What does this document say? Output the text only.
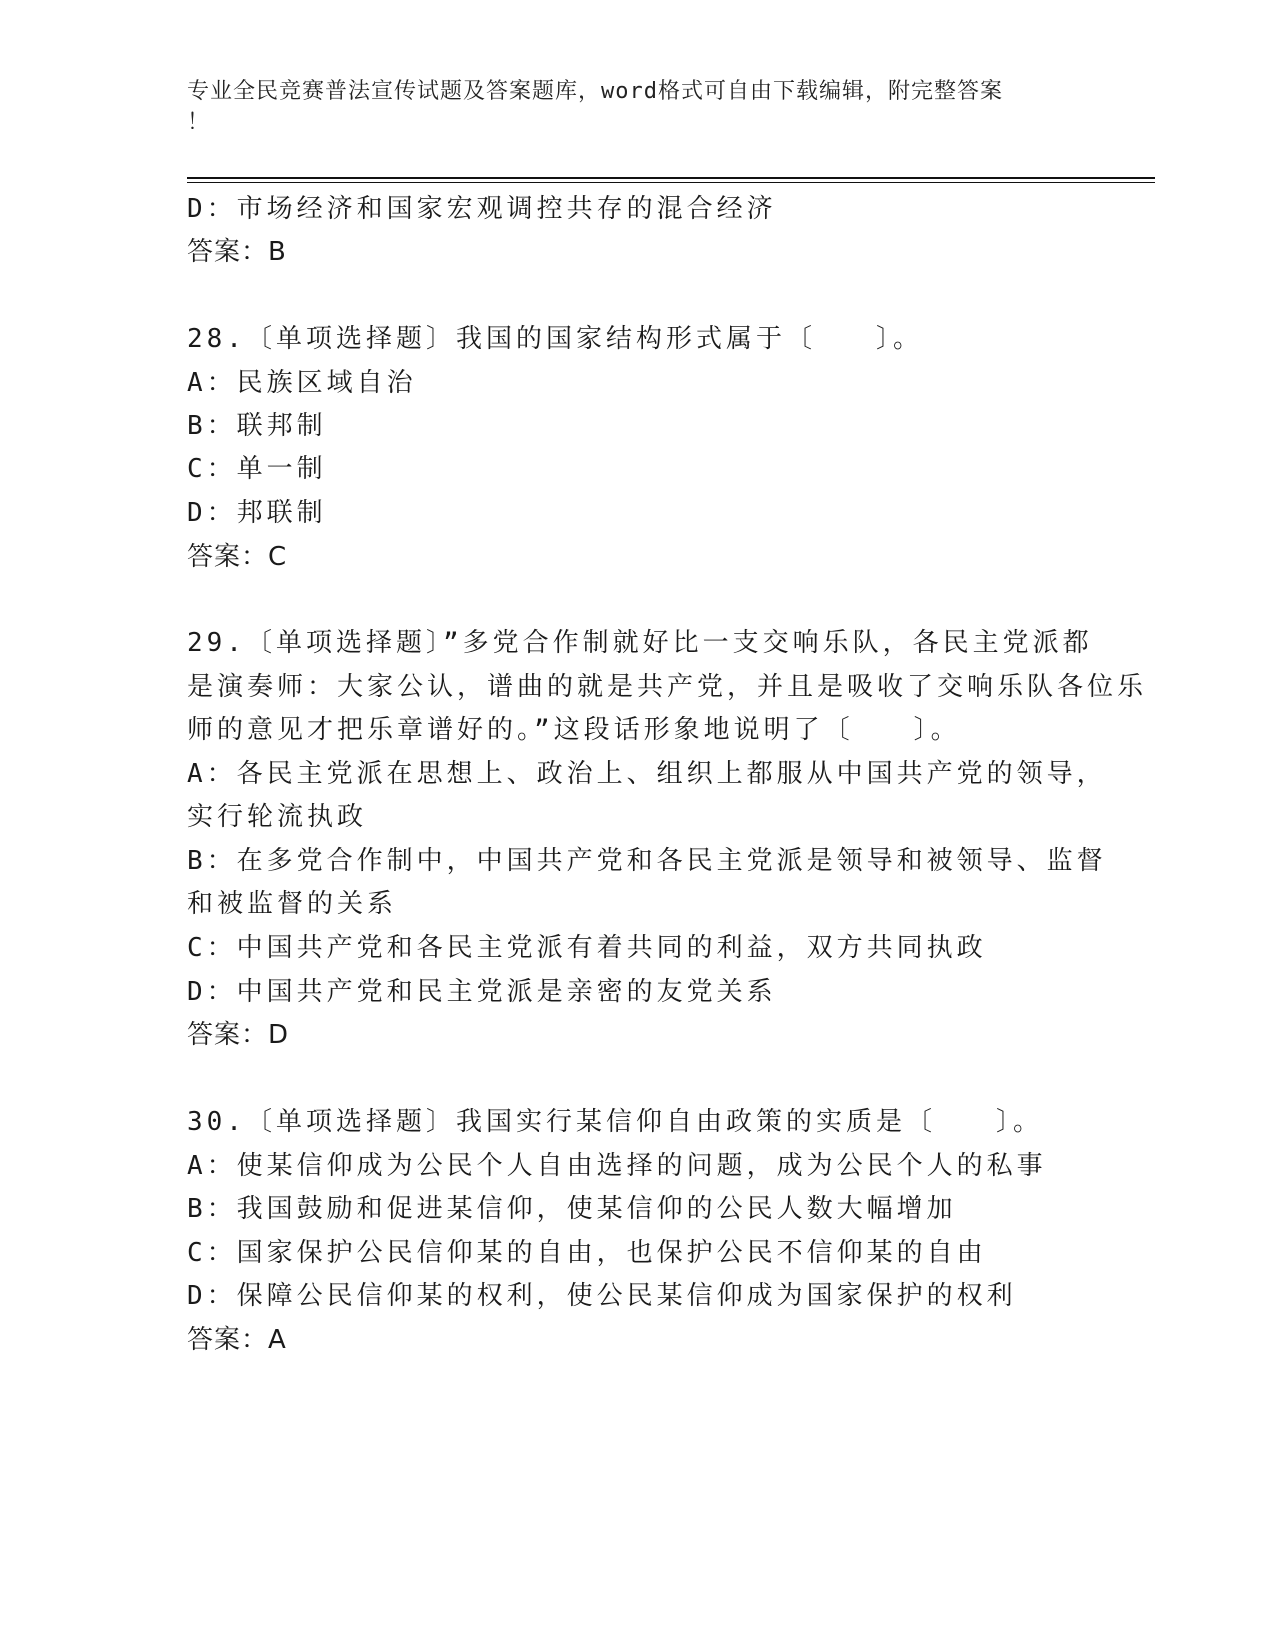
专业全民竞赛普法宣传试题及答案题库，word格式可自由下载编辑，附完整答案
！
D：市场经济和国家宏观调控共存的混合经济
答案：B
28.〔单项选择题〕我国的国家结构形式属于〔　　〕。
A：民族区域自治
B：联邦制
C：单一制
D：邦联制
答案：C
29.〔单项选择题〕”多党合作制就好比一支交响乐队，各民主党派都
是演奏师：大家公认，谱曲的就是共产党，并且是吸收了交响乐队各位乐
师的意见才把乐章谱好的。”这段话形象地说明了〔　　〕。
A：各民主党派在思想上、政治上、组织上都服从中国共产党的领导，
实行轮流执政
B：在多党合作制中，中国共产党和各民主党派是领导和被领导、监督
和被监督的关系
C：中国共产党和各民主党派有着共同的利益，双方共同执政
D：中国共产党和民主党派是亲密的友党关系
答案：D
30.〔单项选择题〕我国实行某信仰自由政策的实质是〔　　〕。
A：使某信仰成为公民个人自由选择的问题，成为公民个人的私事
B：我国鼓励和促进某信仰，使某信仰的公民人数大幅增加
C：国家保护公民信仰某的自由，也保护公民不信仰某的自由
D：保障公民信仰某的权利，使公民某信仰成为国家保护的权利
答案：A
